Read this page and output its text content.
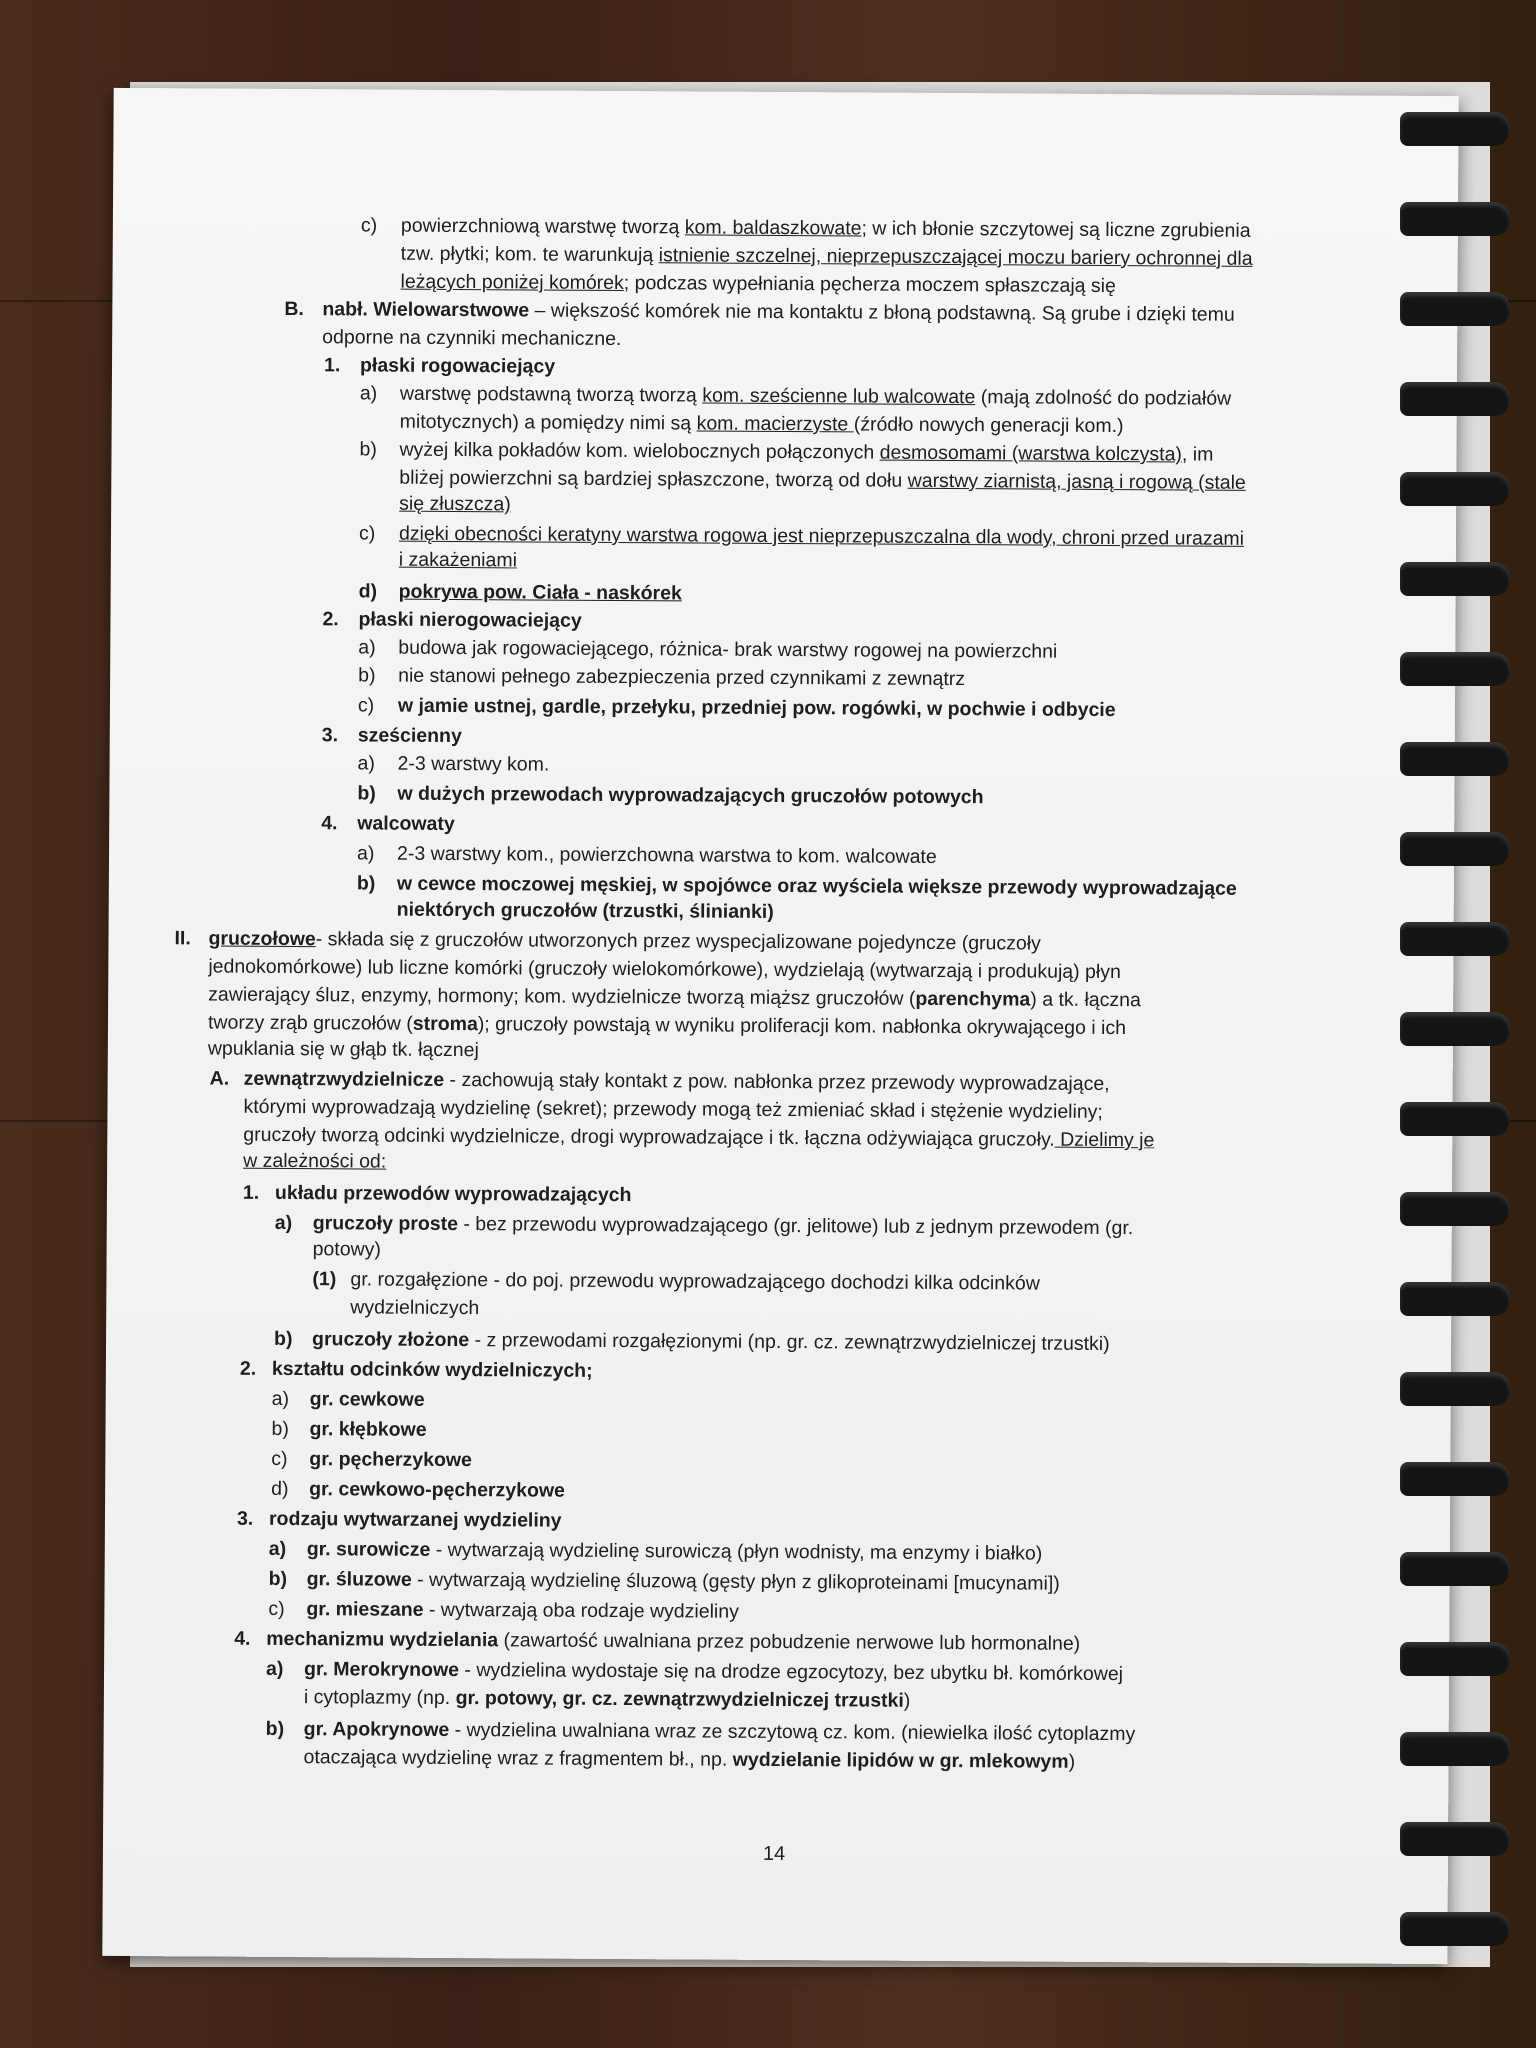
c) powierzchniową warstwę tworzą kom. baldaszkowate; w ich błonie szczytowej są liczne zgrubienia
tzw. płytki; kom. te warunkują istnienie szczelnej, nieprzepuszczającej moczu bariery ochronnej dla
leżących poniżej komórek; podczas wypełniania pęcherza moczem spłaszczają się
B. nabł. Wielowarstwowe – większość komórek nie ma kontaktu z błoną podstawną. Są grube i dzięki temu
odporne na czynniki mechaniczne.
1. płaski rogowaciejący
a) warstwę podstawną tworzą tworzą kom. sześcienne lub walcowate (mają zdolność do podziałów
mitotycznych) a pomiędzy nimi są kom. macierzyste (źródło nowych generacji kom.)
b) wyżej kilka pokładów kom. wielobocznych połączonych desmosomami (warstwa kolczysta), im
bliżej powierzchni są bardziej spłaszczone, tworzą od dołu warstwy ziarnistą, jasną i rogową (stale
się złuszcza)
c) dzięki obecności keratyny warstwa rogowa jest nieprzepuszczalna dla wody, chroni przed urazami
i zakażeniami
d) pokrywa pow. Ciała - naskórek
2. płaski nierogowaciejący
a) budowa jak rogowaciejącego, różnica- brak warstwy rogowej na powierzchni
b) nie stanowi pełnego zabezpieczenia przed czynnikami z zewnątrz
c) w jamie ustnej, gardle, przełyku, przedniej pow. rogówki, w pochwie i odbycie
3. sześcienny
a) 2-3 warstwy kom.
b) w dużych przewodach wyprowadzających gruczołów potowych
4. walcowaty
a) 2-3 warstwy kom., powierzchowna warstwa to kom. walcowate
b) w cewce moczowej męskiej, w spojówce oraz wyściela większe przewody wyprowadzające
niektórych gruczołów (trzustki, ślinianki)
II. gruczołowe- składa się z gruczołów utworzonych przez wyspecjalizowane pojedyncze (gruczoły
jednokomórkowe) lub liczne komórki (gruczoły wielokomórkowe), wydzielają (wytwarzają i produkują) płyn
zawierający śluz, enzymy, hormony; kom. wydzielnicze tworzą miąższ gruczołów (parenchyma) a tk. łączna
tworzy zrąb gruczołów (stroma); gruczoły powstają w wyniku proliferacji kom. nabłonka okrywającego i ich
wpuklania się w głąb tk. łącznej
A. zewnątrzwydzielnicze - zachowują stały kontakt z pow. nabłonka przez przewody wyprowadzające,
którymi wyprowadzają wydzielinę (sekret); przewody mogą też zmieniać skład i stężenie wydzieliny;
gruczoły tworzą odcinki wydzielnicze, drogi wyprowadzające i tk. łączna odżywiająca gruczoły. Dzielimy je
w zależności od:
1. układu przewodów wyprowadzających
a) gruczoły proste - bez przewodu wyprowadzającego (gr. jelitowe) lub z jednym przewodem (gr.
potowy)
(1) gr. rozgałęzione - do poj. przewodu wyprowadzającego dochodzi kilka odcinków
wydzielniczych
b) gruczoły złożone - z przewodami rozgałęzionymi (np. gr. cz. zewnątrzwydzielniczej trzustki)
2. kształtu odcinków wydzielniczych;
a) gr. cewkowe
b) gr. kłębkowe
c) gr. pęcherzykowe
d) gr. cewkowo-pęcherzykowe
3. rodzaju wytwarzanej wydzieliny
a) gr. surowicze - wytwarzają wydzielinę surowiczą (płyn wodnisty, ma enzymy i białko)
b) gr. śluzowe - wytwarzają wydzielinę śluzową (gęsty płyn z glikoproteinami [mucynami])
c) gr. mieszane - wytwarzają oba rodzaje wydzieliny
4. mechanizmu wydzielania (zawartość uwalniana przez pobudzenie nerwowe lub hormonalne)
a) gr. Merokrynowe - wydzielina wydostaje się na drodze egzocytozy, bez ubytku bł. komórkowej
i cytoplazmy (np. gr. potowy, gr. cz. zewnątrzwydzielniczej trzustki)
b) gr. Apokrynowe - wydzielina uwalniana wraz ze szczytową cz. kom. (niewielka ilość cytoplazmy
otaczająca wydzielinę wraz z fragmentem bł., np. wydzielanie lipidów w gr. mlekowym)
14
